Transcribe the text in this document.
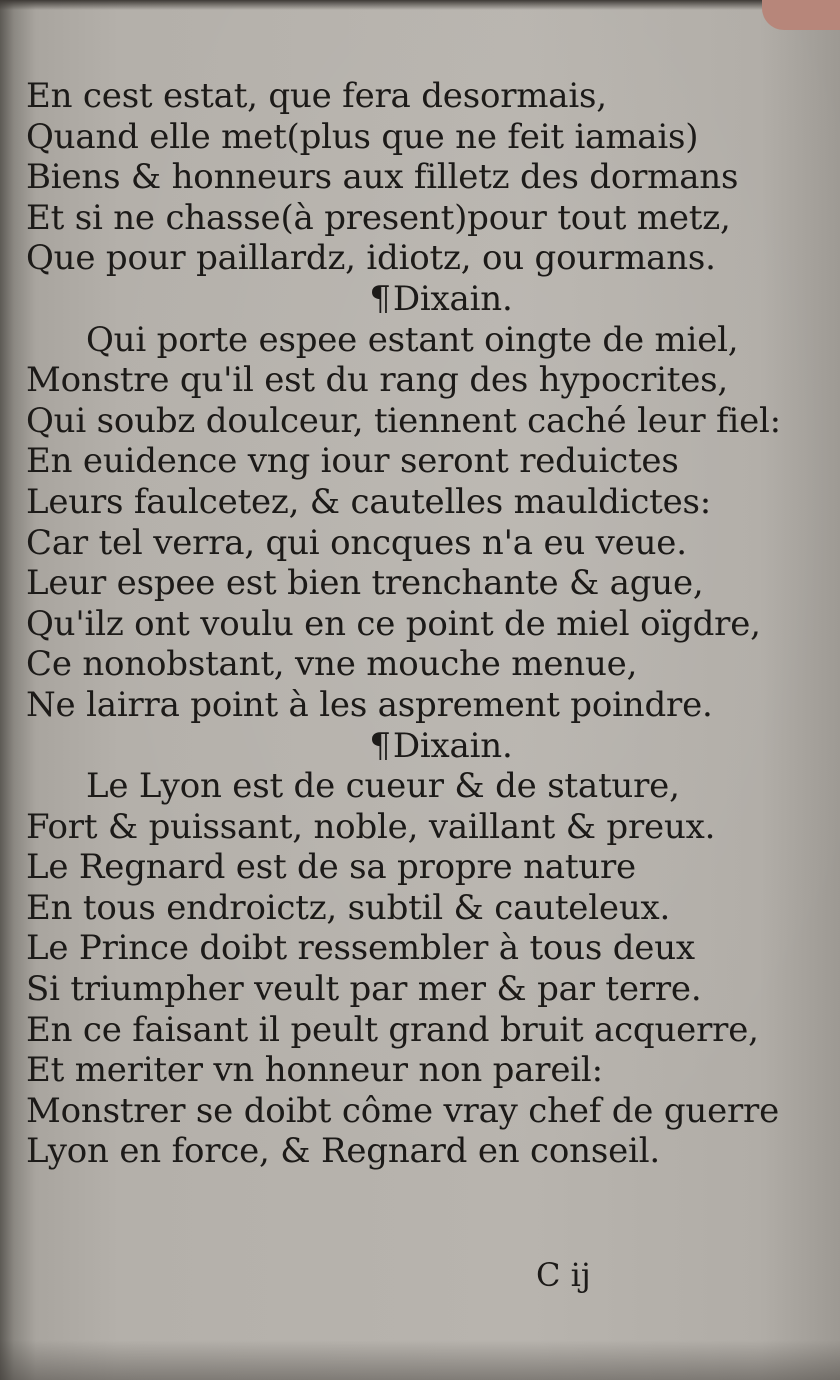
En cest estat, que fera desormais,
Quand elle met(plus que ne feit iamais)
Biens & honneurs aux filletz des dormans
Et si ne chasse(à present)pour tout metz,
Que pour paillardz, idiotz, ou gourmans.
¶Dixain.
Qui porte espee estant oingte de miel,
Monstre qu'il est du rang des hypocrites,
Qui soubz doulceur, tiennent caché leur fiel:
En euidence vng iour seront reduictes
Leurs faulcetez, & cautelles mauldictes:
Car tel verra, qui oncques n'a eu veue.
Leur espee est bien trenchante & ague,
Qu'ilz ont voulu en ce point de miel oïgdre,
Ce nonobstant, vne mouche menue,
Ne lairra point à les asprement poindre.
¶Dixain.
Le Lyon est de cueur & de stature,
Fort & puissant, noble, vaillant & preux.
Le Regnard est de sa propre nature
En tous endroictz, subtil & cauteleux.
Le Prince doibt ressembler à tous deux
Si triumpher veult par mer & par terre.
En ce faisant il peult grand bruit acquerre,
Et meriter vn honneur non pareil:
Monstrer se doibt côme vray chef de guerre
Lyon en force, & Regnard en conseil.
C ij
